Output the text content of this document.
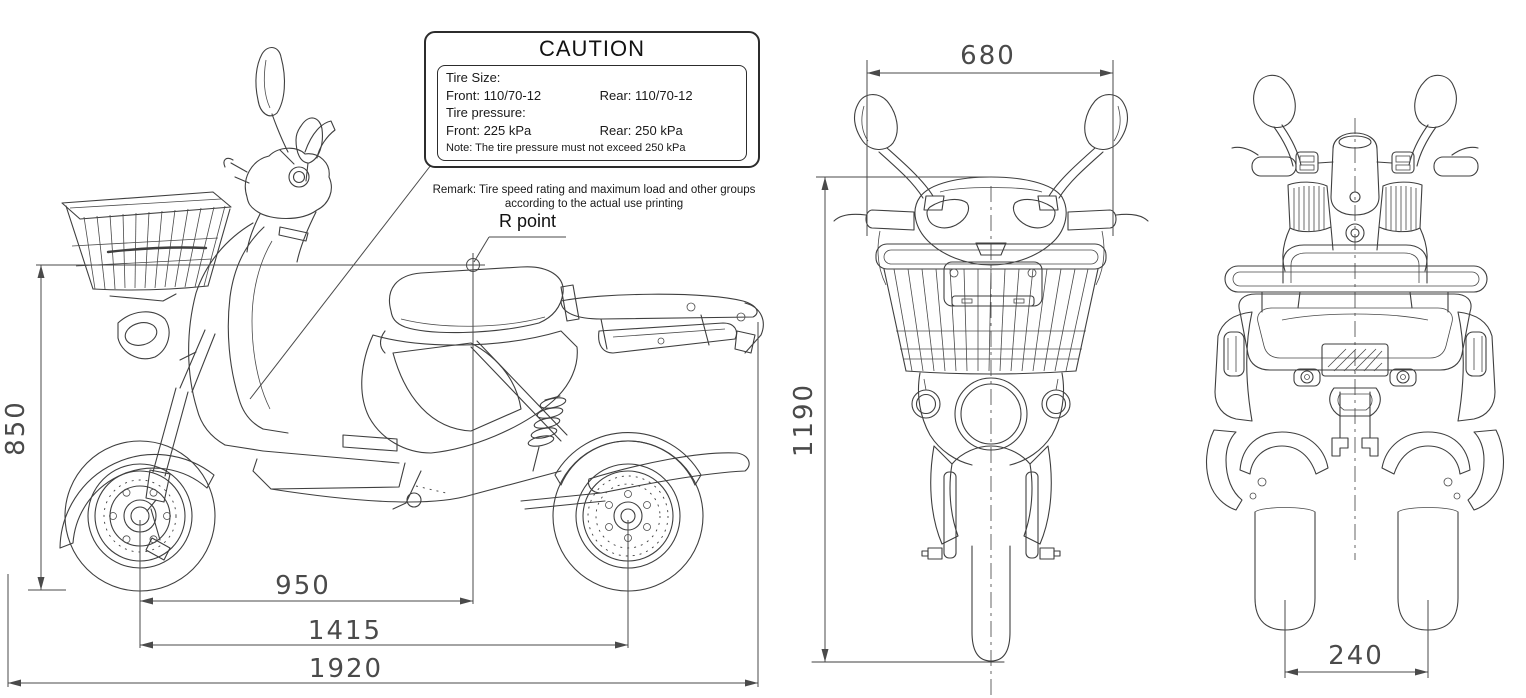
850
950
1415
1920
680
1190
240
CAUTION
Tire Size:
Front: 110/70-12	Rear: 110/70-12
Tire pressure:
Front: 225 kPa	Rear: 250 kPa
Note: The tire pressure must not exceed 250 kPa
Remark: Tire speed rating and maximum load and other groups
according to the actual use printing
R point
